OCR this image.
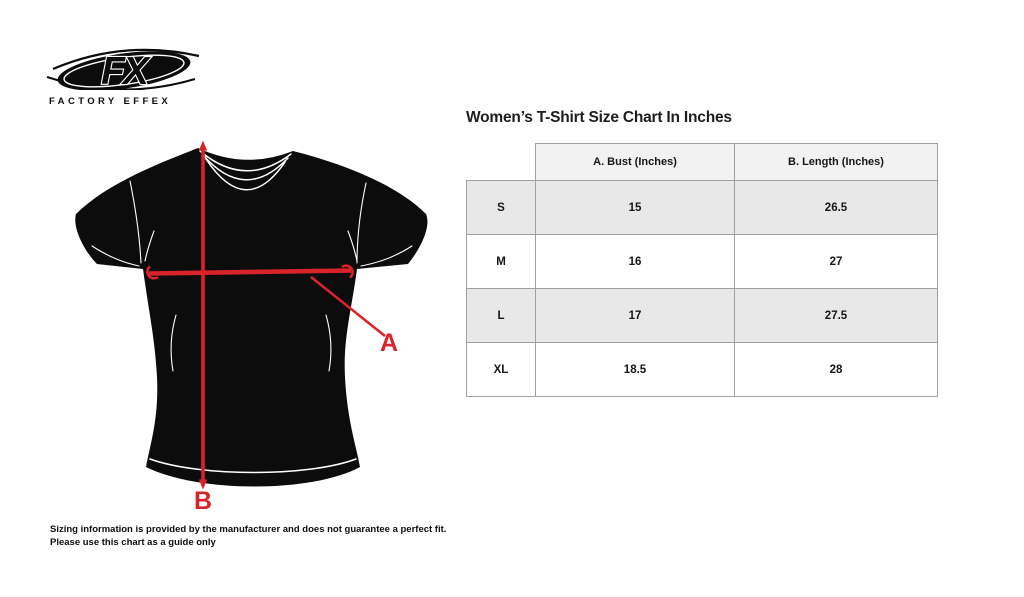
FX
FACTORY EFFEX
A
B
Women’s T-Shirt Size Chart In Inches
	A. Bust (Inches)	B. Length (Inches)
S	15	26.5
M	16	27
L	17	27.5
XL	18.5	28
Sizing information is provided by the manufacturer and does not guarantee a perfect fit.
Please use this chart as a guide only
